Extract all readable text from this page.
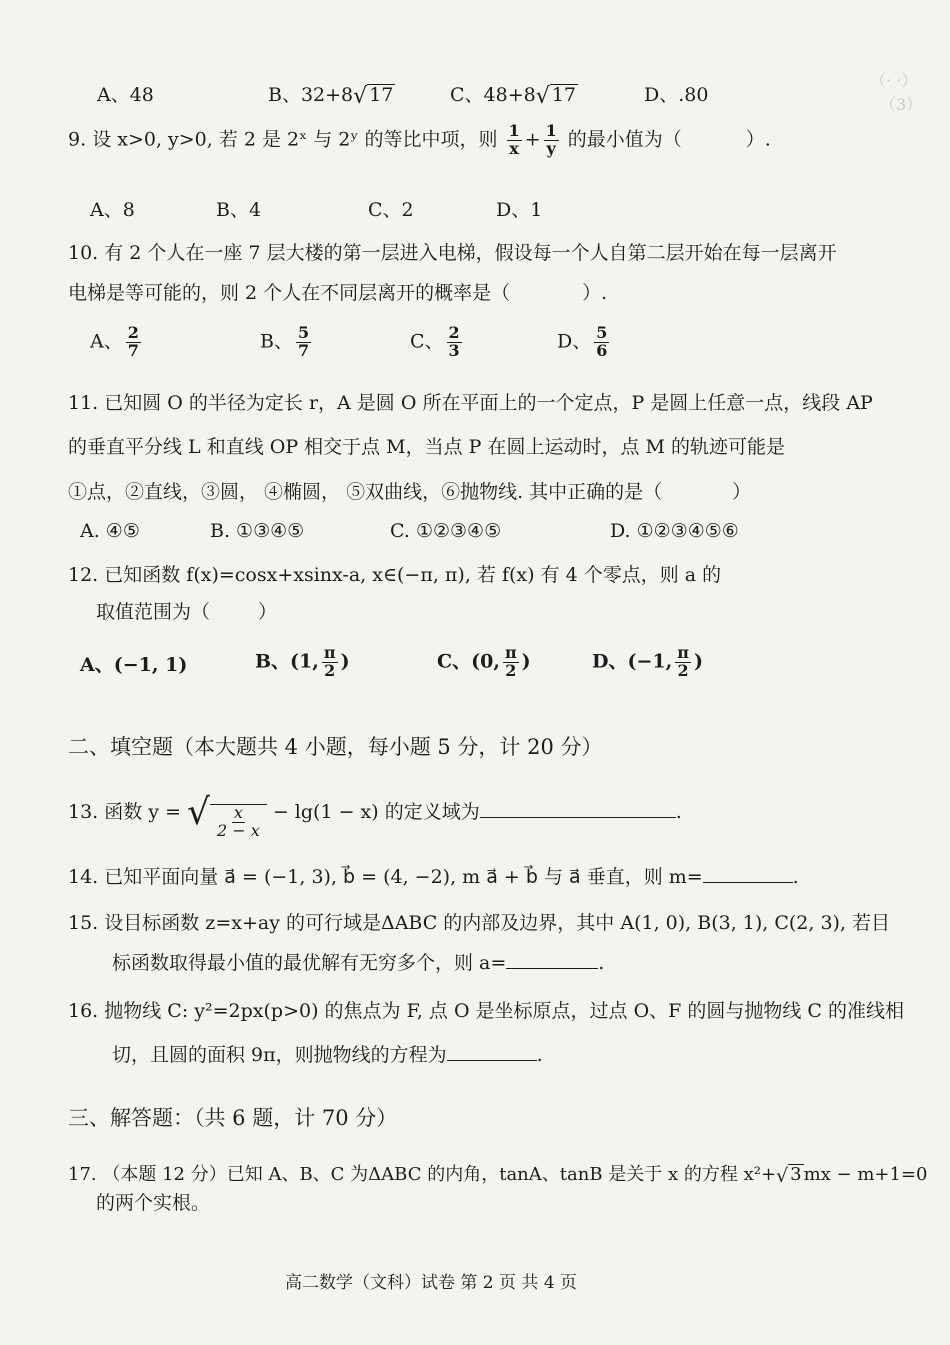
（· ·）
（3）
A、48	B、32+8√ 17	C、48+8√ 17	D、.80
9. 设 x>0, y>0, 若 2 是 2ˣ 与 2ʸ 的等比中项，则 $\frac{1}{x} + \frac{1}{y}$ 的最小值为（	）.
A、8	B、4	C、2	D、1
10. 有 2 个人在一座 7 层大楼的第一层进入电梯，假设每一个人自第二层开始在每一层离开
电梯是等可能的，则 2 个人在不同层离开的概率是（	）.
A、 $\frac{2}{7}$	B、 $\frac{5}{7}$	C、 $\frac{2}{3}$	D、 $\frac{5}{6}$
11. 已知圆 O 的半径为定长 r，A 是圆 O 所在平面上的一个定点，P 是圆上任意一点，线段 AP
的垂直平分线 L 和直线 OP 相交于点 M，当点 P 在圆上运动时，点 M 的轨迹可能是
①点，②直线，③圆， ④椭圆， ⑤双曲线，⑥抛物线. 其中正确的是（	）
A. ④⑤	B. ①③④⑤	C. ①②③④⑤	D. ①②③④⑤⑥
12. 已知函数 f(x)=cosx+xsinx-a, x∈(−π, π), 若 f(x) 有 4 个零点，则 a 的
取值范围为（	）
A、(−1, 1)	B、(1, $\frac{\pi}{2}$ )	C、(0, $\frac{\pi}{2}$ )	D、(−1, $\frac{\pi}{2}$ )
二、填空题（本大题共 4 小题，每小题 5 分，计 20 分）
13. 函数 y = √ $\frac{x}{2 - x} - \lg(1 - x)$ 的定义域为	.
14. 已知平面向量 a⃗ = (−1, 3), b⃗ = (4, −2), m a⃗ + b⃗ 与 a⃗ 垂直，则 m=	.
15. 设目标函数 z=x+ay 的可行域是ΔABC 的内部及边界，其中 A(1, 0), B(3, 1), C(2, 3), 若目
标函数取得最小值的最优解有无穷多个，则 a=	.
16. 抛物线 C: y²=2px(p>0) 的焦点为 F, 点 O 是坐标原点，过点 O、F 的圆与抛物线 C 的准线相
切，且圆的面积 9π，则抛物线的方程为	.
三、解答题：（共 6 题，计 70 分）
17. （本题 12 分）已知 A、B、C 为ΔABC 的内角，tanA、tanB 是关于 x 的方程 x²+√ 3 mx − m+1=0
的两个实根。
高二数学（文科）试卷 第 2 页 共 4 页
